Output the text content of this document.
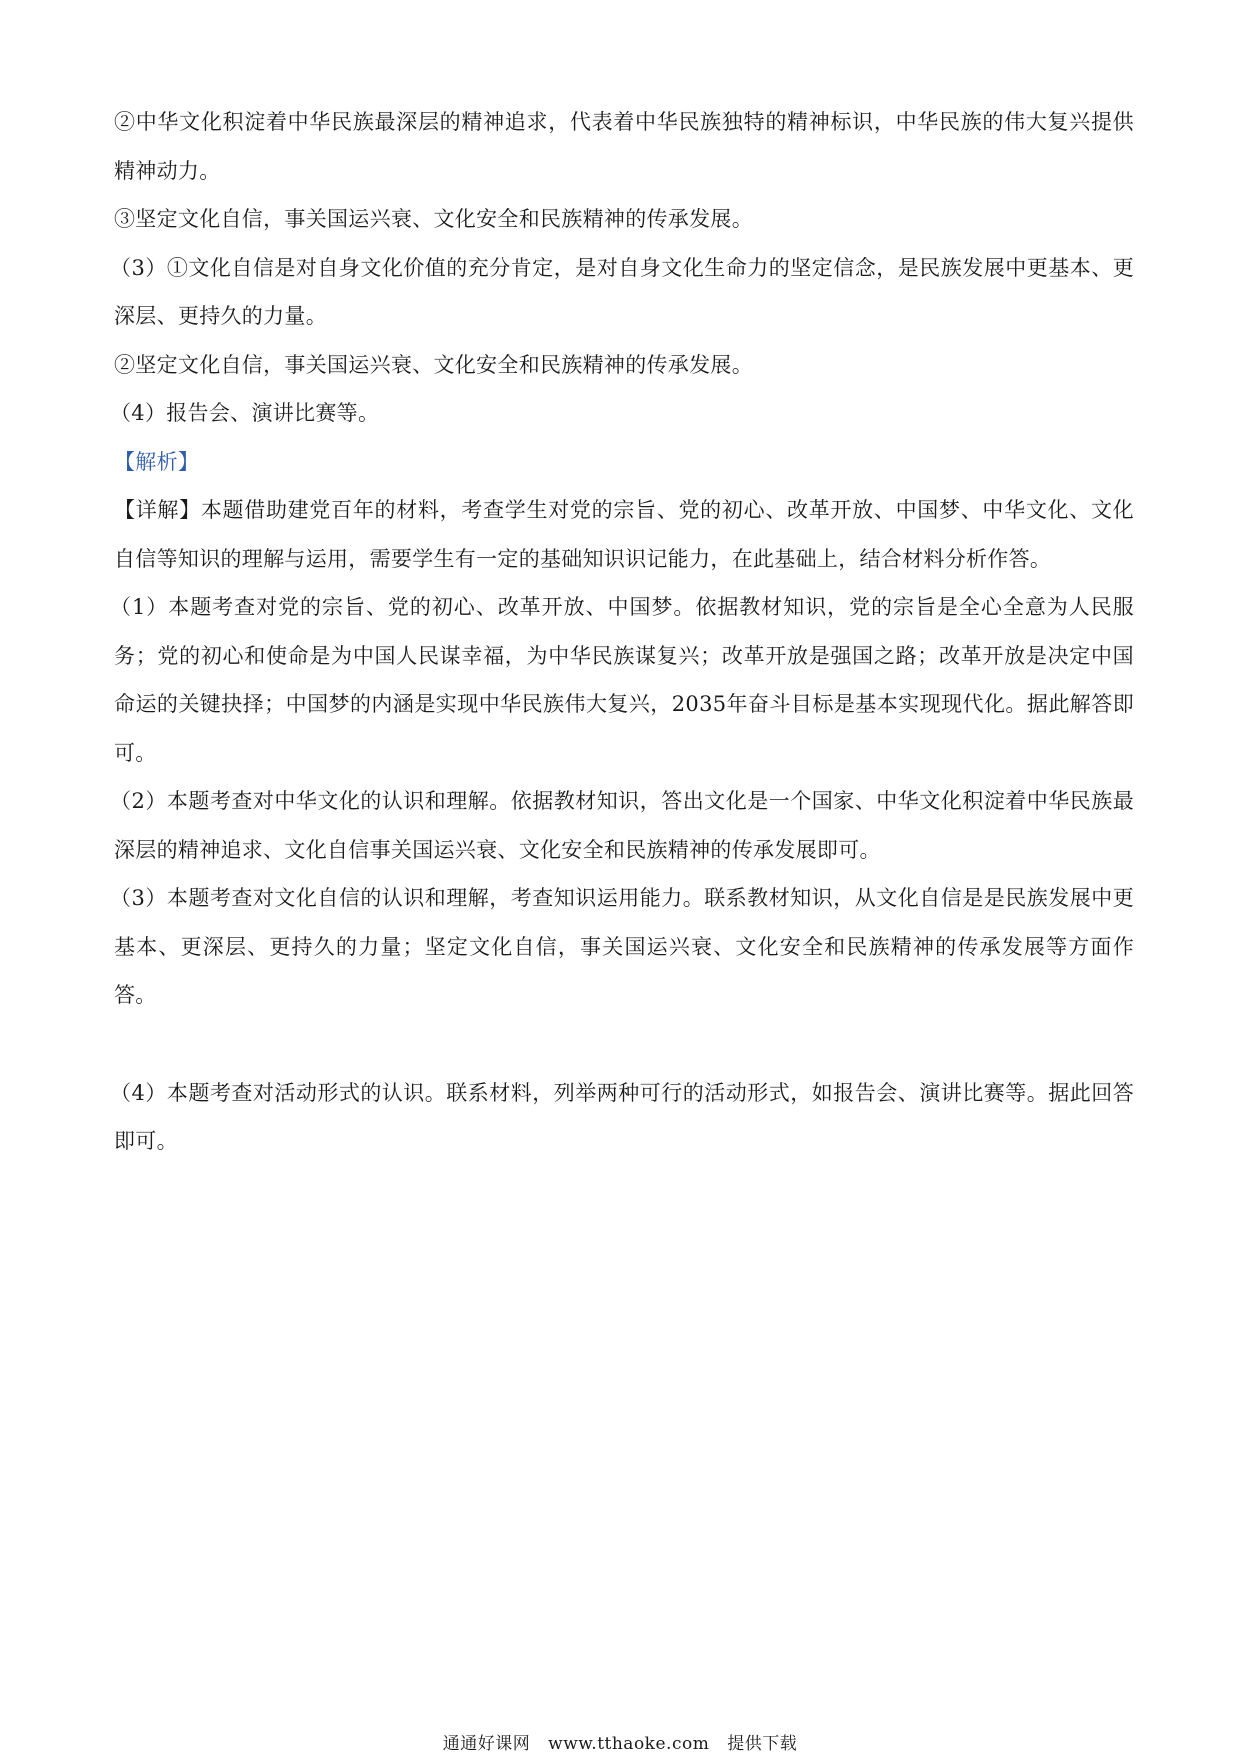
②中华文化积淀着中华民族最深层的精神追求，代表着中华民族独特的精神标识，中华民族的伟大复兴提供精神动力。

③坚定文化自信，事关国运兴衰、文化安全和民族精神的传承发展。

（3）①文化自信是对自身文化价值的充分肯定，是对自身文化生命力的坚定信念，是民族发展中更基本、更深层、更持久的力量。

②坚定文化自信，事关国运兴衰、文化安全和民族精神的传承发展。

（4）报告会、演讲比赛等。

【解析】

【详解】本题借助建党百年的材料，考查学生对党的宗旨、党的初心、改革开放、中国梦、中华文化、文化自信等知识的理解与运用，需要学生有一定的基础知识识记能力，在此基础上，结合材料分析作答。

（1）本题考查对党的宗旨、党的初心、改革开放、中国梦。依据教材知识，党的宗旨是全心全意为人民服务；党的初心和使命是为中国人民谋幸福，为中华民族谋复兴；改革开放是强国之路；改革开放是决定中国命运的关键抉择；中国梦的内涵是实现中华民族伟大复兴，2035年奋斗目标是基本实现现代化。据此解答即可。

（2）本题考查对中华文化的认识和理解。依据教材知识，答出文化是一个国家、中华文化积淀着中华民族最深层的精神追求、文化自信事关国运兴衰、文化安全和民族精神的传承发展即可。

（3）本题考查对文化自信的认识和理解，考查知识运用能力。联系教材知识，从文化自信是是民族发展中更基本、更深层、更持久的力量；坚定文化自信，事关国运兴衰、文化安全和民族精神的传承发展等方面作答。

（4）本题考查对活动形式的认识。联系材料，列举两种可行的活动形式，如报告会、演讲比赛等。据此回答即可。

通通好课网 www.tthaoke.com 提供下载
